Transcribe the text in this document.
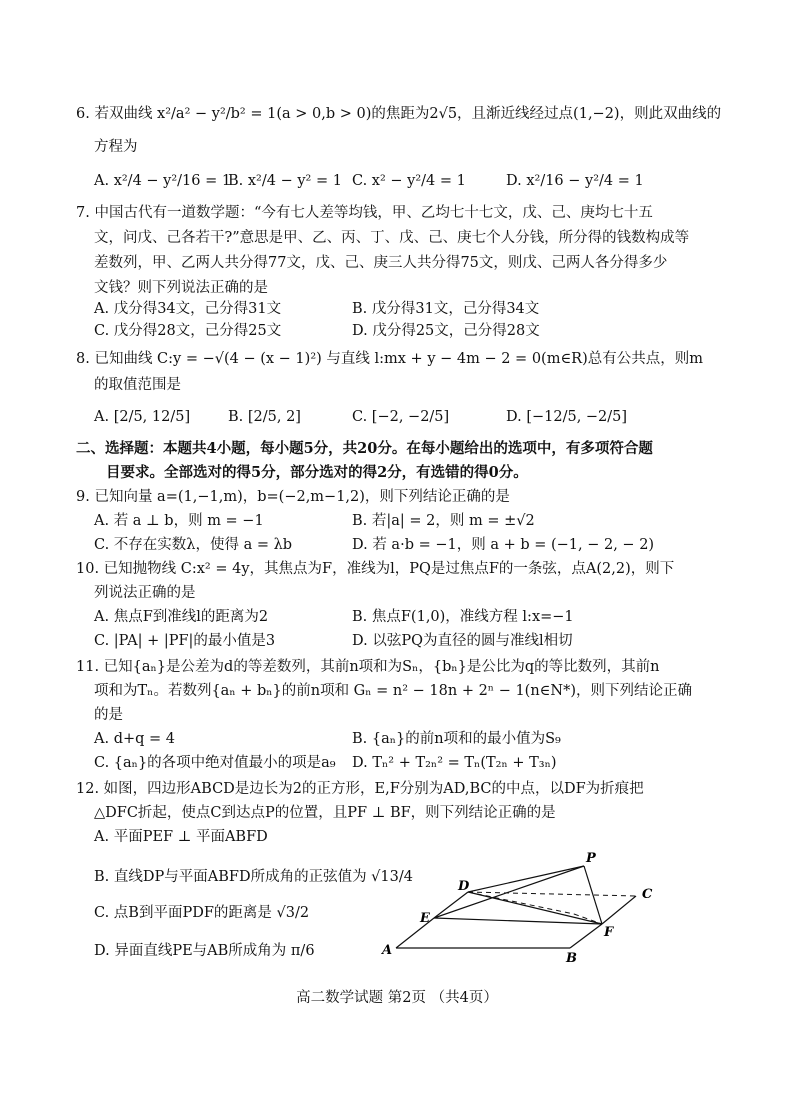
6. 若双曲线 x²/a² − y²/b² = 1(a > 0,b > 0)的焦距为2√5，且渐近线经过点(1,−2)，则此双曲线的
方程为
A. x²/4 − y²/16 = 1
B. x²/4 − y² = 1 C. x² − y²/4 = 1	D. x²/16 − y²/4 = 1
7. 中国古代有一道数学题：“今有七人差等均钱，甲、乙均七十七文，戊、己、庚均七十五
文，问戊、己各若干?”意思是甲、乙、丙、丁、戊、己、庚七个人分钱，所分得的钱数构成等
差数列，甲、乙两人共分得77文，戊、己、庚三人共分得75文，则戊、己两人各分得多少
文钱？则下列说法正确的是
A. 戊分得34文，己分得31文	B. 戊分得31文，己分得34文
C. 戊分得28文，己分得25文	D. 戊分得25文，己分得28文
8. 已知曲线 C:y = −√(4 − (x − 1)²) 与直线 l:mx + y − 4m − 2 = 0(m∈R)总有公共点，则m
的取值范围是
A. [2/5, 12/5]	B. [2/5, 2]	C. [−2, −2/5]	D. [−12/5, −2/5]
二、选择题：本题共4小题，每小题5分，共20分。在每小题给出的选项中，有多项符合题
目要求。全部选对的得5分，部分选对的得2分，有选错的得0分。
9. 已知向量 a=(1,−1,m)，b=(−2,m−1,2)，则下列结论正确的是
A. 若 a ⊥ b，则 m = −1	B. 若|a| = 2，则 m = ±√2
C. 不存在实数λ，使得 a = λb	D. 若 a·b = −1，则 a + b = (−1, − 2, − 2)
10. 已知抛物线 C:x² = 4y，其焦点为F，准线为l，PQ是过焦点F的一条弦，点A(2,2)，则下
列说法正确的是
A. 焦点F到准线l的距离为2	B. 焦点F(1,0)，准线方程 l:x=−1
C. |PA| + |PF|的最小值是3	D. 以弦PQ为直径的圆与准线l相切
11. 已知{aₙ}是公差为d的等差数列，其前n项和为Sₙ，{bₙ}是公比为q的等比数列，其前n
项和为Tₙ。若数列{aₙ + bₙ}的前n项和 Gₙ = n² − 18n + 2ⁿ − 1(n∈N*)，则下列结论正确
的是
A. d+q = 4	B. {aₙ}的前n项和的最小值为S₉
C. {aₙ}的各项中绝对值最小的项是a₉ D. Tₙ² + T₂ₙ² = Tₙ(T₂ₙ + T₃ₙ)
12. 如图，四边形ABCD是边长为2的正方形，E,F分别为AD,BC的中点，以DF为折痕把
△DFC折起，使点C到达点P的位置，且PF ⊥ BF，则下列结论正确的是
A. 平面PEF ⊥ 平面ABFD
B. 直线DP与平面ABFD所成角的正弦值为 √13/4
C. 点B到平面PDF的距离是 √3/2
D. 异面直线PE与AB所成角为 π/6
P
D
C
E
F
A
B
高二数学试题 第2页 （共4页）
